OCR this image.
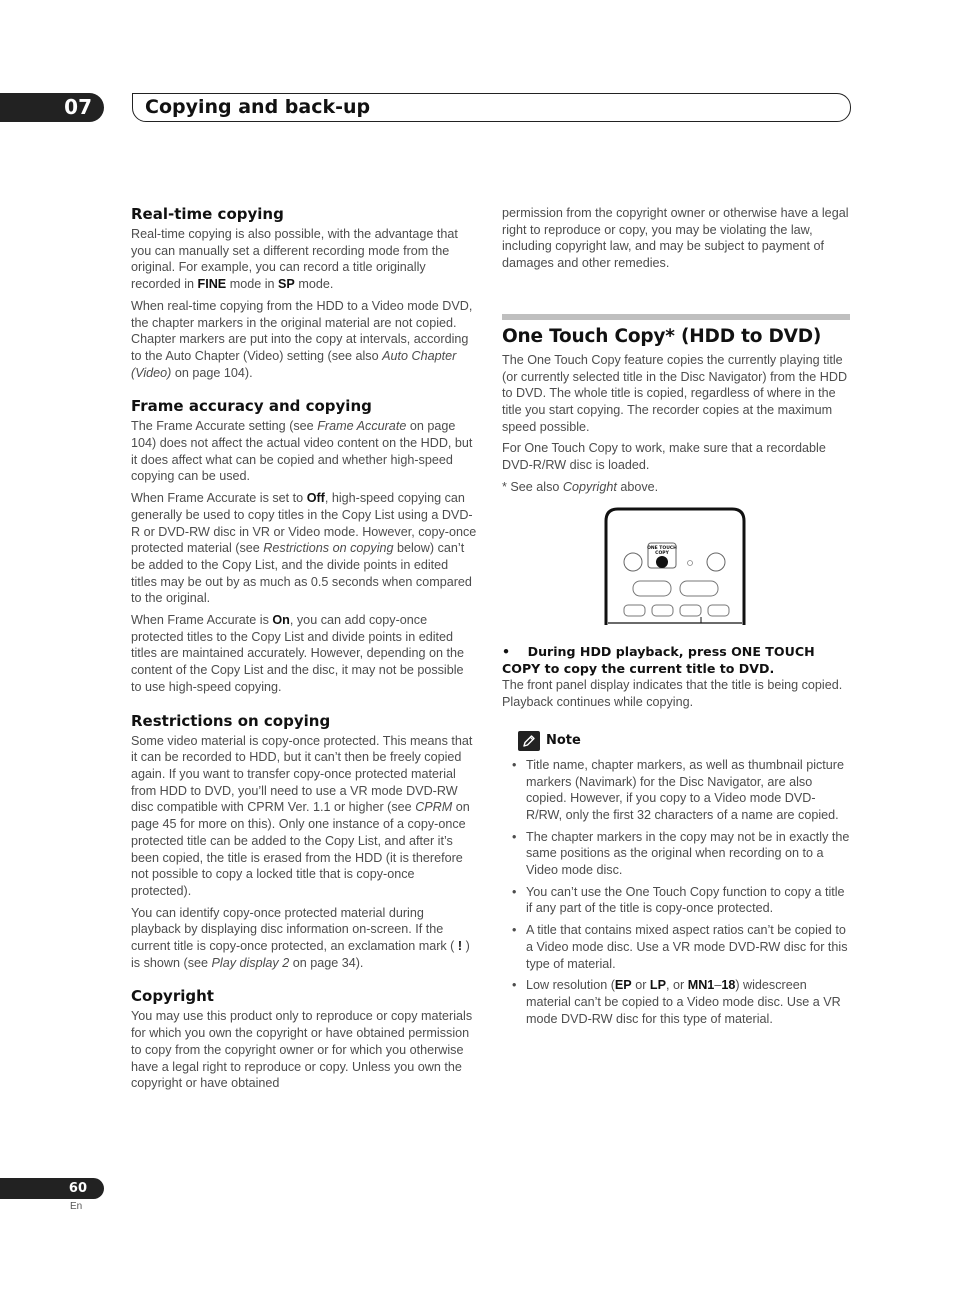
07	Copying and back-up
Real-time copying

Real-time copying is also possible, with the advantage that you can manually set a different recording mode from the original. For example, you can record a title originally recorded in FINE mode in SP mode.

When real-time copying from the HDD to a Video mode DVD, the chapter markers in the original material are not copied. Chapter markers are put into the copy at intervals, according to the Auto Chapter (Video) setting (see also Auto Chapter (Video) on page 104).

Frame accuracy and copying

The Frame Accurate setting (see Frame Accurate on page 104) does not affect the actual video content on the HDD, but it does affect what can be copied and whether high-speed copying can be used.

When Frame Accurate is set to Off, high-speed copying can generally be used to copy titles in the Copy List using a DVD-R or DVD-RW disc in VR or Video mode. However, copy-once protected material (see Restrictions on copying below) can’t be added to the Copy List, and the divide points in edited titles may be out by as much as 0.5 seconds when compared to the original.

When Frame Accurate is On, you can add copy-once protected titles to the Copy List and divide points in edited titles are maintained accurately. However, depending on the content of the Copy List and the disc, it may not be possible to use high-speed copying.

Restrictions on copying

Some video material is copy-once protected. This means that it can be recorded to HDD, but it can’t then be freely copied again. If you want to transfer copy-once protected material from HDD to DVD, you’ll need to use a VR mode DVD-RW disc compatible with CPRM Ver. 1.1 or higher (see CPRM on page 45 for more on this). Only one instance of a copy-once protected title can be added to the Copy List, and after it’s been copied, the title is erased from the HDD (it is therefore not possible to copy a locked title that is copy-once protected).

You can identify copy-once protected material during playback by displaying disc information on-screen. If the current title is copy-once protected, an exclamation mark ( ! ) is shown (see Play display 2 on page 34).

Copyright

You may use this product only to reproduce or copy materials for which you own the copyright or have obtained permission to copy from the copyright owner or for which you otherwise have a legal right to reproduce or copy. Unless you own the copyright or have obtained

permission from the copyright owner or otherwise have a legal right to reproduce or copy, you may be violating the law, including copyright law, and may be subject to payment of damages and other remedies.

One Touch Copy* (HDD to DVD)

The One Touch Copy feature copies the currently playing title (or currently selected title in the Disc Navigator) from the HDD to DVD. The whole title is copied, regardless of where in the title you start copying. The recorder copies at the maximum speed possible.

For One Touch Copy to work, make sure that a recordable DVD-R/RW disc is loaded.

* See also Copyright above.

ONE TOUCH
COPY

• During HDD playback, press ONE TOUCH COPY to copy the current title to DVD.

The front panel display indicates that the title is being copied. Playback continues while copying.

Note
• Title name, chapter markers, as well as thumbnail picture markers (Navimark) for the Disc Navigator, are also copied. However, if you copy to a Video mode DVD-R/RW, only the first 32 characters of a name are copied.
• The chapter markers in the copy may not be in exactly the same positions as the original when recording on to a Video mode disc.
• You can’t use the One Touch Copy function to copy a title if any part of the title is copy-once protected.
• A title that contains mixed aspect ratios can’t be copied to a Video mode disc. Use a VR mode DVD-RW disc for this type of material.
• Low resolution (EP or LP, or MN1–18) widescreen material can’t be copied to a Video mode disc. Use a VR mode DVD-RW disc for this type of material.
60
En
